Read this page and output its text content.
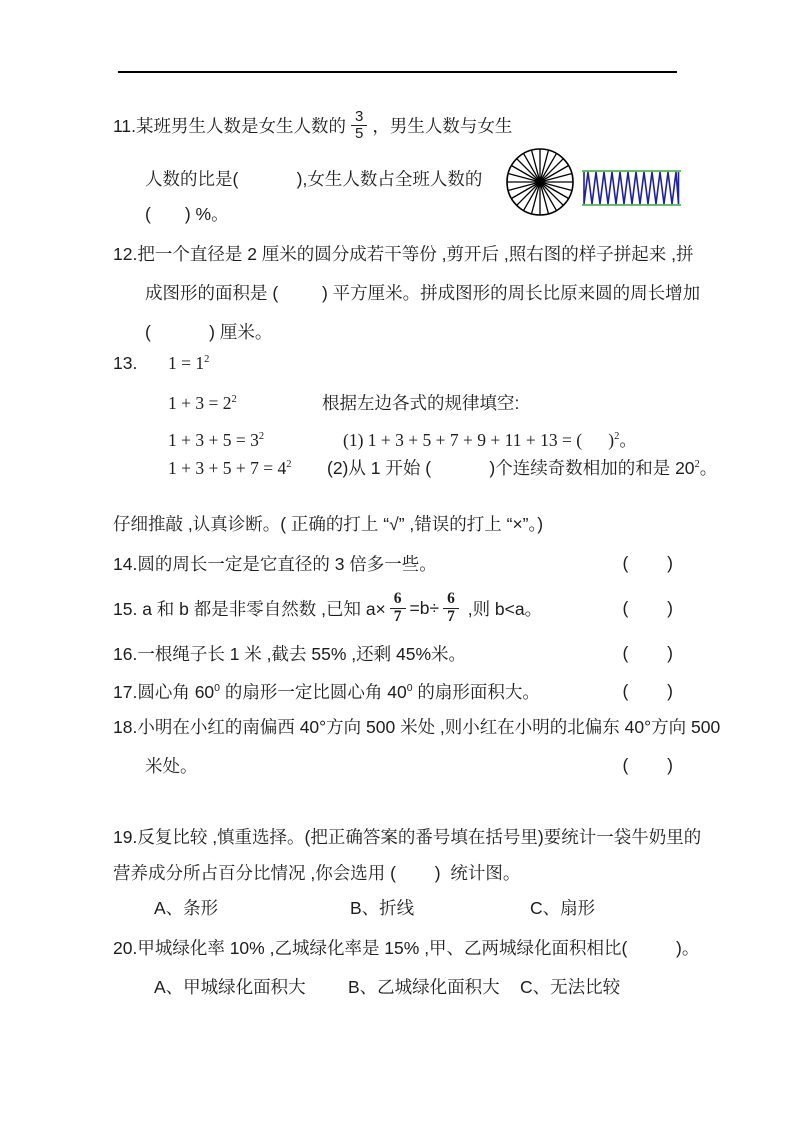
11.某班男生人数是女生人数的 $\frac{3}{5}$ ，男生人数与女生
人数的比是(            ),女生人数占全班人数的
(       ) %。
12.把一个直径是 2 厘米的圆分成若干等份 ,剪开后 ,照右图的样子拼起来 ,拼
成图形的面积是 (         ) 平方厘米。拼成图形的周长比原来圆的周长增加
(            ) 厘米。
13. $1 = 1^2$
$1 + 3 = 2^2$	根据左边各式的规律填空:
$1 + 3 + 5 = 3^2$	(1) 1 + 3 + 5 + 7 + 9 + 11 + 13 = (      )$^2$。
$1 + 3 + 5 + 7 = 4^2$ (2)从 1 开始 (            )个连续奇数相加的和是 $20^2$。
仔细推敲 ,认真诊断。( 正确的打上 “√” ,错误的打上 “×”。)
14.圆的周长一定是它直径的 3 倍多一些。	(        )
15. a 和 b 都是非零自然数 ,已知 $a\times \frac{6}{7} =b\div \frac{6}{7}$ ,则 b<a。	(        )
16.一根绳子长 1 米 ,截去 55% ,还剩 45%米。	(        )
17.圆心角 $60^0$ 的扇形一定比圆心角 $40^0$ 的扇形面积大。	(        )
18.小明在小红的南偏西 40°方向 500 米处 ,则小红在小明的北偏东 40°方向 500
米处。	(        )
19.反复比较 ,慎重选择。(把正确答案的番号填在括号里)要统计一袋牛奶里的
营养成分所占百分比情况 ,你会选用 (        )  统计图。
A、条形	B、折线	C、扇形
20.甲城绿化率 10% ,乙城绿化率是 15% ,甲、乙两城绿化面积相比(          )。
A、甲城绿化面积大 B、乙城绿化面积大 C、无法比较
